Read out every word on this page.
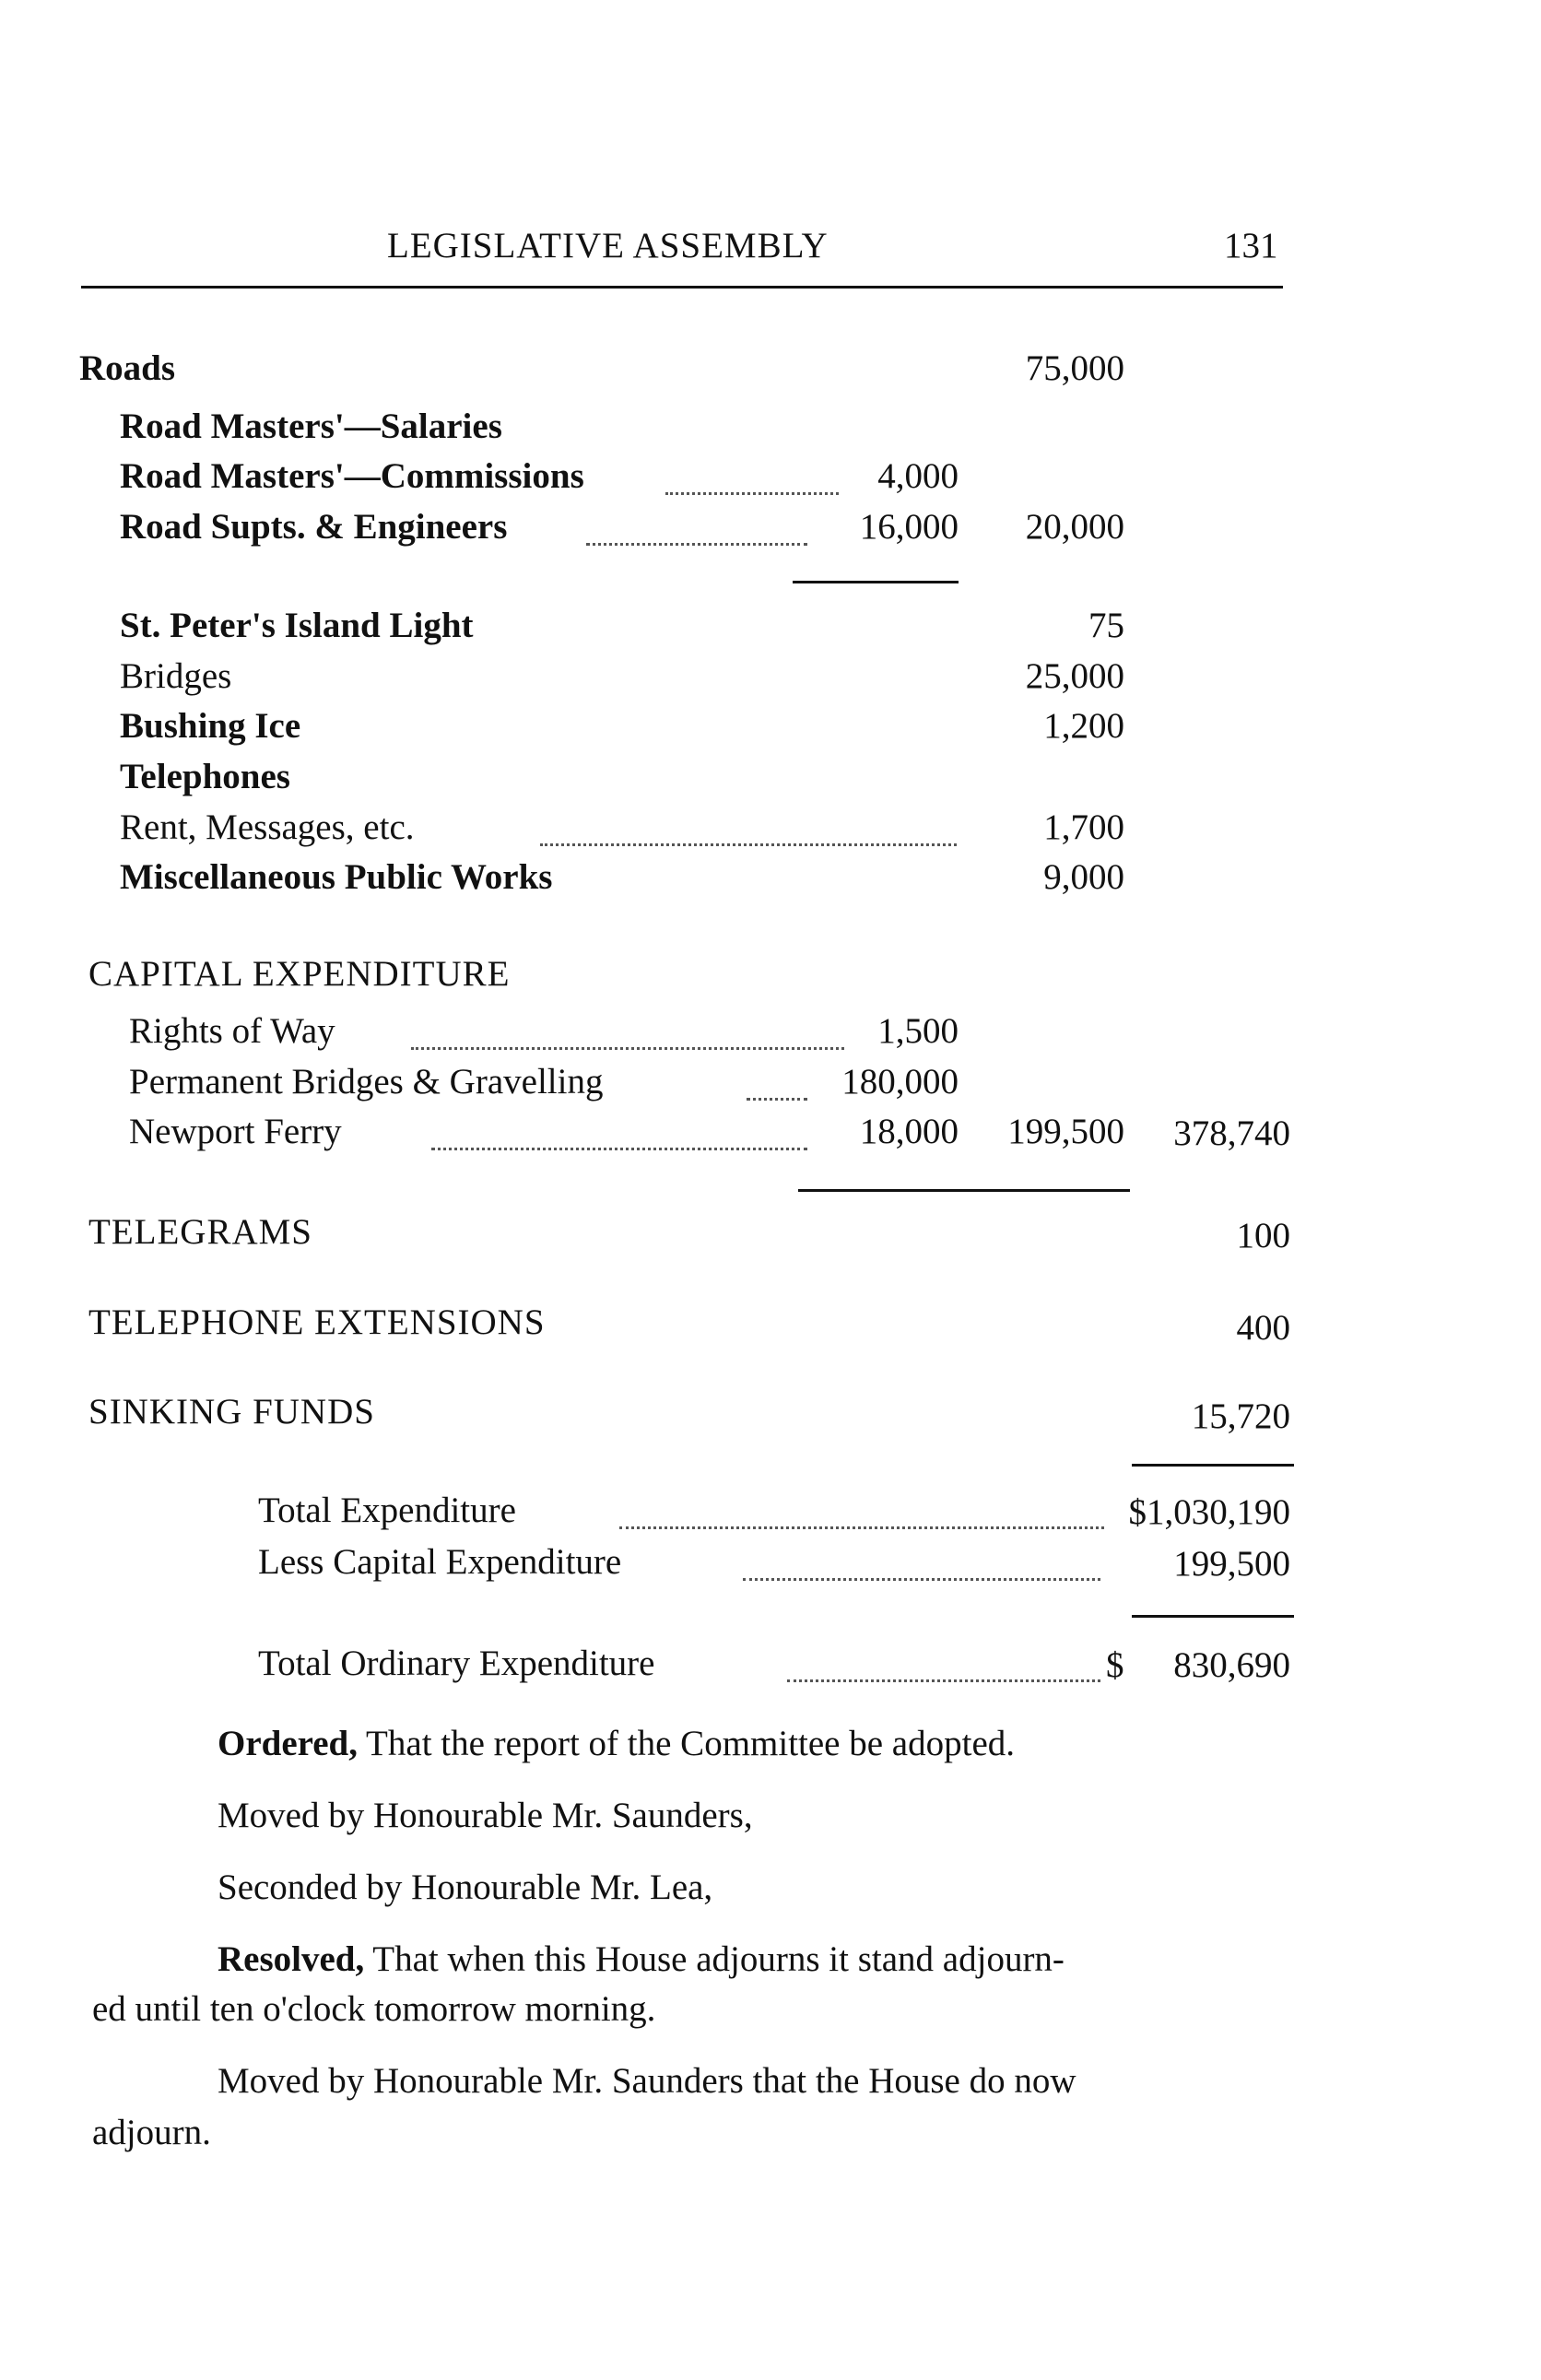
LEGISLATIVE ASSEMBLY	131
Roads	75,000
Road Masters'—Salaries
Road Masters'—Commissions	4,000
Road Supts. & Engineers	16,000	20,000
St. Peter's Island Light	75
Bridges	25,000
Bushing Ice	1,200
Telephones
Rent, Messages, etc.	1,700
Miscellaneous Public Works	9,000
CAPITAL EXPENDITURE
Rights of Way	1,500
Permanent Bridges & Gravelling	180,000
Newport Ferry	18,000	199,500	378,740
TELEGRAMS	100
TELEPHONE EXTENSIONS	400
SINKING FUNDS	15,720
Total Expenditure	$1,030,190
Less Capital Expenditure	199,500
Total Ordinary Expenditure	$	830,690
Ordered, That the report of the Committee be adopted.
Moved by Honourable Mr. Saunders,
Seconded by Honourable Mr. Lea,
Resolved, That when this House adjourns it stand adjourn-
ed until ten o'clock tomorrow morning.
Moved by Honourable Mr. Saunders that the House do now
adjourn.
